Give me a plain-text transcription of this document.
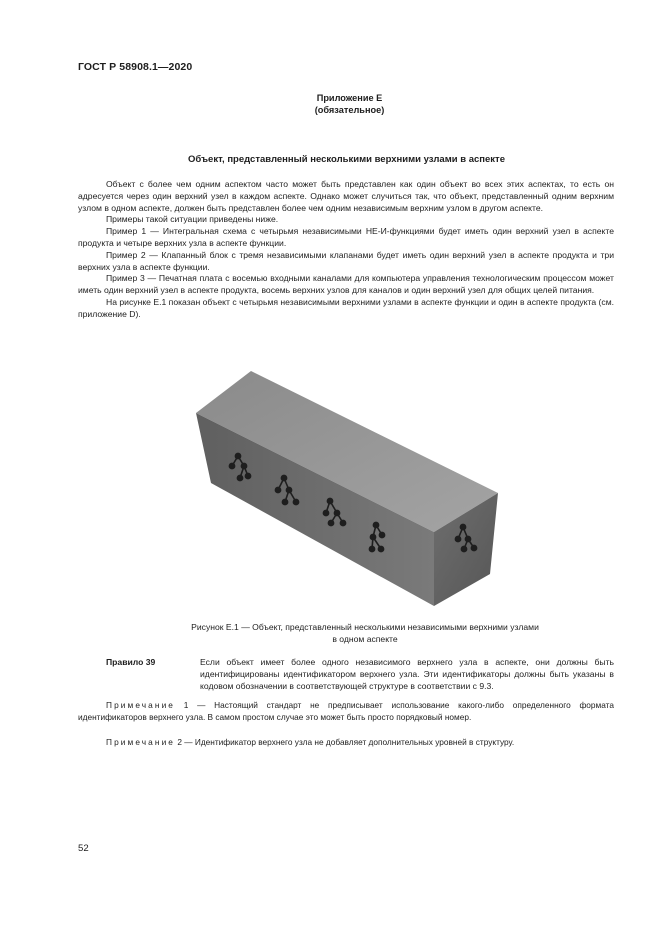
ГОСТ Р 58908.1—2020
Приложение Е
(обязательное)
Объект, представленный несколькими верхними узлами в аспекте

Объект с более чем одним аспектом часто может быть представлен как один объект во всех этих аспектах, то есть он адресуется через один верхний узел в каждом аспекте. Однако может случиться так, что объект, представленный одним верхним узлом в одном аспекте, должен быть представлен более чем одним независимым верхним узлом в другом аспекте.

Примеры такой ситуации приведены ниже.

Пример 1 — Интегральная схема с четырьмя независимыми НЕ-И-функциями будет иметь один верхний узел в аспекте продукта и четыре верхних узла в аспекте функции.

Пример 2 — Клапанный блок с тремя независимыми клапанами будет иметь один верхний узел в аспекте продукта и три верхних узла в аспекте функции.

Пример 3 — Печатная плата с восемью входными каналами для компьютера управления технологическим процессом может иметь один верхний узел в аспекте продукта, восемь верхних узлов для каналов и один верхний узел для общих целей питания.

На рисунке Е.1 показан объект с четырьмя независимыми верхними узлами в аспекте функции и один в аспекте продукта (см. приложение D).

Рисунок Е.1 — Объект, представленный несколькими независимыми верхними узлами
в одном аспекте
Правило 39	Если объект имеет более одного независимого верхнего узла в аспекте, они должны быть идентифицированы идентификатором верхнего узла. Эти идентификаторы должны быть указаны в кодовом обозначении в соответствующей структуре в соответствии с 9.3.

Примечание 1 — Настоящий стандарт не предписывает использование какого-либо определенного формата идентификаторов верхнего узла. В самом простом случае это может быть просто порядковый номер.

Примечание 2 — Идентификатор верхнего узла не добавляет дополнительных уровней в структуру.

52
